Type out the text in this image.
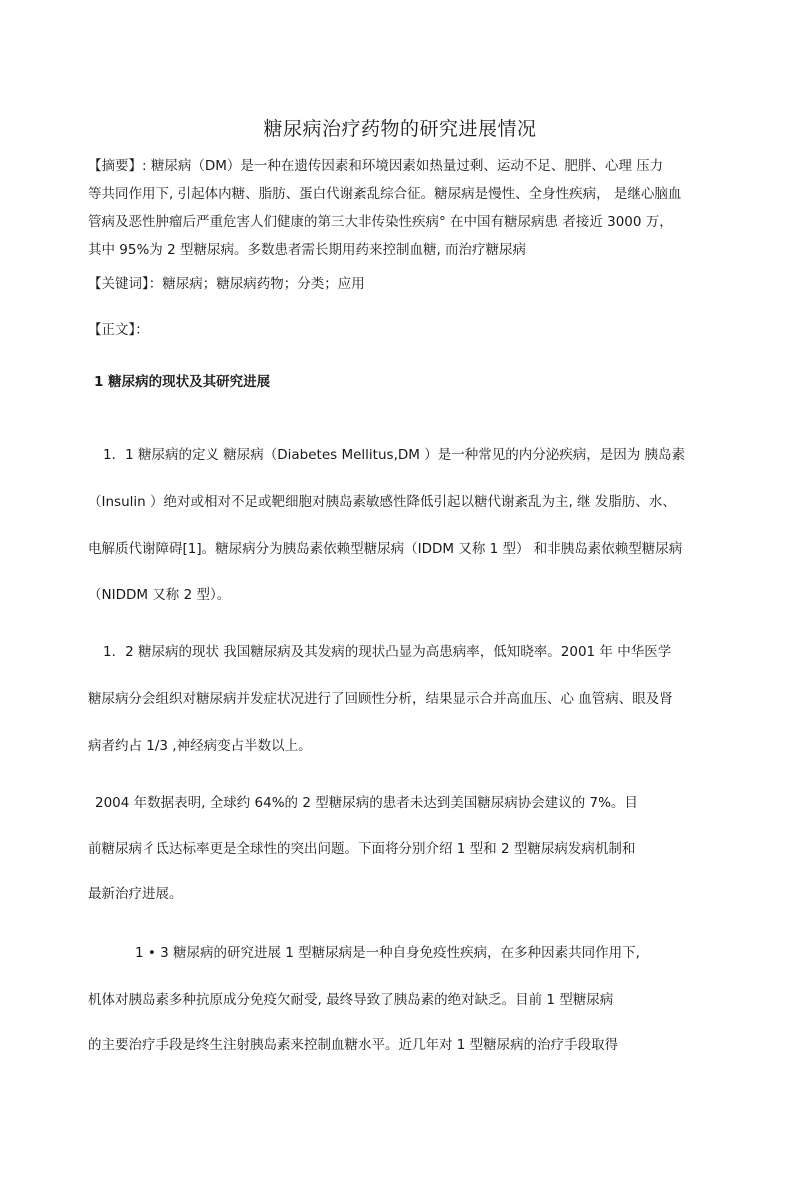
糖尿病治疗药物的研究进展情况
【摘要】: 糖尿病（DM）是一种在遗传因素和环境因素如热量过剩、运动不足、肥胖、心理 压力
等共同作用下, 引起体内糖、脂肪、蛋白代谢紊乱综合征。糖尿病是慢性、全身性疾病， 是继心脑血
管病及恶性肿瘤后严重危害人们健康的第三大非传染性疾病° 在中国有糖尿病患 者接近 3000 万，
其中 95%为 2 型糖尿病。多数患者需长期用药来控制血糖, 而治疗糖尿病
【关键词】：糖尿病；糖尿病药物；分类；应用
【正文】：
1 糖尿病的现状及其研究进展
1．1 糖尿病的定义 糖尿病（Diabetes Mellitus,DM ）是一种常见的内分泌疾病，是因为 胰岛素
（Insulin ）绝对或相对不足或靶细胞对胰岛素敏感性降低引起以糖代谢紊乱为主, 继 发脂肪、水、
电解质代谢障碍[1]。糖尿病分为胰岛素依赖型糖尿病（IDDM 又称 1 型） 和非胰岛素依赖型糖尿病
（NIDDM 又称 2 型）。
1．2 糖尿病的现状 我国糖尿病及其发病的现状凸显为高患病率，低知晓率。2001 年 中华医学
糖尿病分会组织对糖尿病并发症状况进行了回顾性分析，结果显示合并高血压、心 血管病、眼及肾
病者约占 1/3 ,神经病变占半数以上。
2004 年数据表明, 全球约 64%的 2 型糖尿病的患者未达到美国糖尿病协会建议的 7%。目
前糖尿病彳氐达标率更是全球性的突出问题。下面将分别介绍 1 型和 2 型糖尿病发病机制和
最新治疗进展。
1 • 3 糖尿病的研究进展 1 型糖尿病是一种自身免疫性疾病，在多种因素共同作用下,
机体对胰岛素多种抗原成分免疫欠耐受, 最终导致了胰岛素的绝对缺乏。目前 1 型糖尿病
的主要治疗手段是终生注射胰岛素来控制血糖水平。近几年对 1 型糖尿病的治疗手段取得
